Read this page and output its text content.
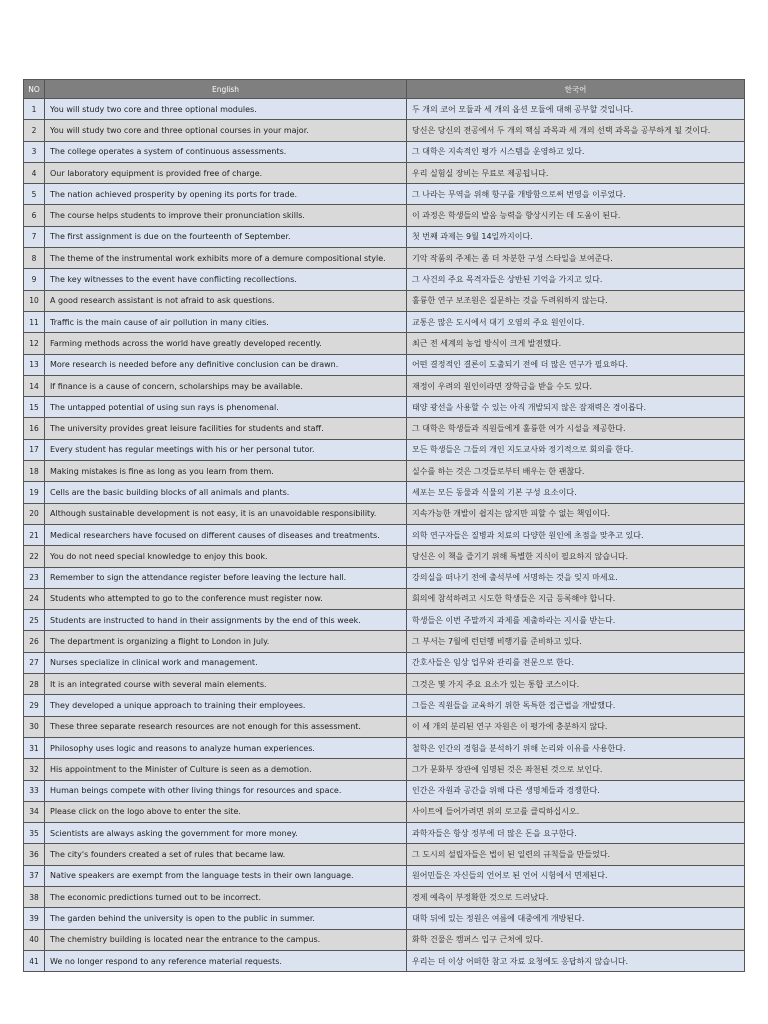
NO	English	한국어
1	You will study two core and three optional modules.	두 개의 코어 모듈과 세 개의 옵션 모듈에 대해 공부할 것입니다.
2	You will study two core and three optional courses in your major.	당신은 당신의 전공에서 두 개의 핵심 과목과 세 개의 선택 과목을 공부하게 될 것이다.
3	The college operates a system of continuous assessments.	그 대학은 지속적인 평가 시스템을 운영하고 있다.
4	Our laboratory equipment is provided free of charge.	우리 실험실 장비는 무료로 제공됩니다.
5	The nation achieved prosperity by opening its ports for trade.	그 나라는 무역을 위해 항구를 개방함으로써 번영을 이루었다.
6	The course helps students to improve their pronunciation skills.	이 과정은 학생들의 발음 능력을 향상시키는 데 도움이 된다.
7	The first assignment is due on the fourteenth of September.	첫 번째 과제는 9월 14일까지이다.
8	The theme of the instrumental work exhibits more of a demure compositional style.	기악 작품의 주제는 좀 더 차분한 구성 스타일을 보여준다.
9	The key witnesses to the event have conflicting recollections.	그 사건의 주요 목격자들은 상반된 기억을 가지고 있다.
10	A good research assistant is not afraid to ask questions.	훌륭한 연구 보조원은 질문하는 것을 두려워하지 않는다.
11	Traffic is the main cause of air pollution in many cities.	교통은 많은 도시에서 대기 오염의 주요 원인이다.
12	Farming methods across the world have greatly developed recently.	최근 전 세계의 농업 방식이 크게 발전했다.
13	More research is needed before any definitive conclusion can be drawn.	어떤 결정적인 결론이 도출되기 전에 더 많은 연구가 필요하다.
14	If finance is a cause of concern, scholarships may be available.	재정이 우려의 원인이라면 장학금을 받을 수도 있다.
15	The untapped potential of using sun rays is phenomenal.	태양 광선을 사용할 수 있는 아직 개발되지 않은 잠재력은 경이롭다.
16	The university provides great leisure facilities for students and staff.	그 대학은 학생들과 직원들에게 훌륭한 여가 시설을 제공한다.
17	Every student has regular meetings with his or her personal tutor.	모든 학생들은 그들의 개인 지도교사와 정기적으로 회의를 한다.
18	Making mistakes is fine as long as you learn from them.	실수를 하는 것은 그것들로부터 배우는 한 괜찮다.
19	Cells are the basic building blocks of all animals and plants.	세포는 모든 동물과 식물의 기본 구성 요소이다.
20	Although sustainable development is not easy, it is an unavoidable responsibility.	지속가능한 개발이 쉽지는 않지만 피할 수 없는 책임이다.
21	Medical researchers have focused on different causes of diseases and treatments.	의학 연구자들은 질병과 치료의 다양한 원인에 초점을 맞추고 있다.
22	You do not need special knowledge to enjoy this book.	당신은 이 책을 즐기기 위해 특별한 지식이 필요하지 않습니다.
23	Remember to sign the attendance register before leaving the lecture hall.	강의실을 떠나기 전에 출석부에 서명하는 것을 잊지 마세요.
24	Students who attempted to go to the conference must register now.	회의에 참석하려고 시도한 학생들은 지금 등록해야 합니다.
25	Students are instructed to hand in their assignments by the end of this week.	학생들은 이번 주말까지 과제를 제출하라는 지시를 받는다.
26	The department is organizing a flight to London in July.	그 부서는 7월에 런던행 비행기를 준비하고 있다.
27	Nurses specialize in clinical work and management.	간호사들은 임상 업무와 관리를 전문으로 한다.
28	It is an integrated course with several main elements.	그것은 몇 가지 주요 요소가 있는 통합 코스이다.
29	They developed a unique approach to training their employees.	그들은 직원들을 교육하기 위한 독특한 접근법을 개발했다.
30	These three separate research resources are not enough for this assessment.	이 세 개의 분리된 연구 자원은 이 평가에 충분하지 않다.
31	Philosophy uses logic and reasons to analyze human experiences.	철학은 인간의 경험을 분석하기 위해 논리와 이유를 사용한다.
32	His appointment to the Minister of Culture is seen as a demotion.	그가 문화부 장관에 임명된 것은 좌천된 것으로 보인다.
33	Human beings compete with other living things for resources and space.	인간은 자원과 공간을 위해 다른 생명체들과 경쟁한다.
34	Please click on the logo above to enter the site.	사이트에 들어가려면 위의 로고를 클릭하십시오.
35	Scientists are always asking the government for more money.	과학자들은 항상 정부에 더 많은 돈을 요구한다.
36	The city's founders created a set of rules that became law.	그 도시의 설립자들은 법이 된 일련의 규칙들을 만들었다.
37	Native speakers are exempt from the language tests in their own language.	원어민들은 자신들의 언어로 된 언어 시험에서 면제된다.
38	The economic predictions turned out to be incorrect.	경제 예측이 부정확한 것으로 드러났다.
39	The garden behind the university is open to the public in summer.	대학 뒤에 있는 정원은 여름에 대중에게 개방된다.
40	The chemistry building is located near the entrance to the campus.	화학 건물은 캠퍼스 입구 근처에 있다.
41	We no longer respond to any reference material requests.	우리는 더 이상 어떠한 참고 자료 요청에도 응답하지 않습니다.
